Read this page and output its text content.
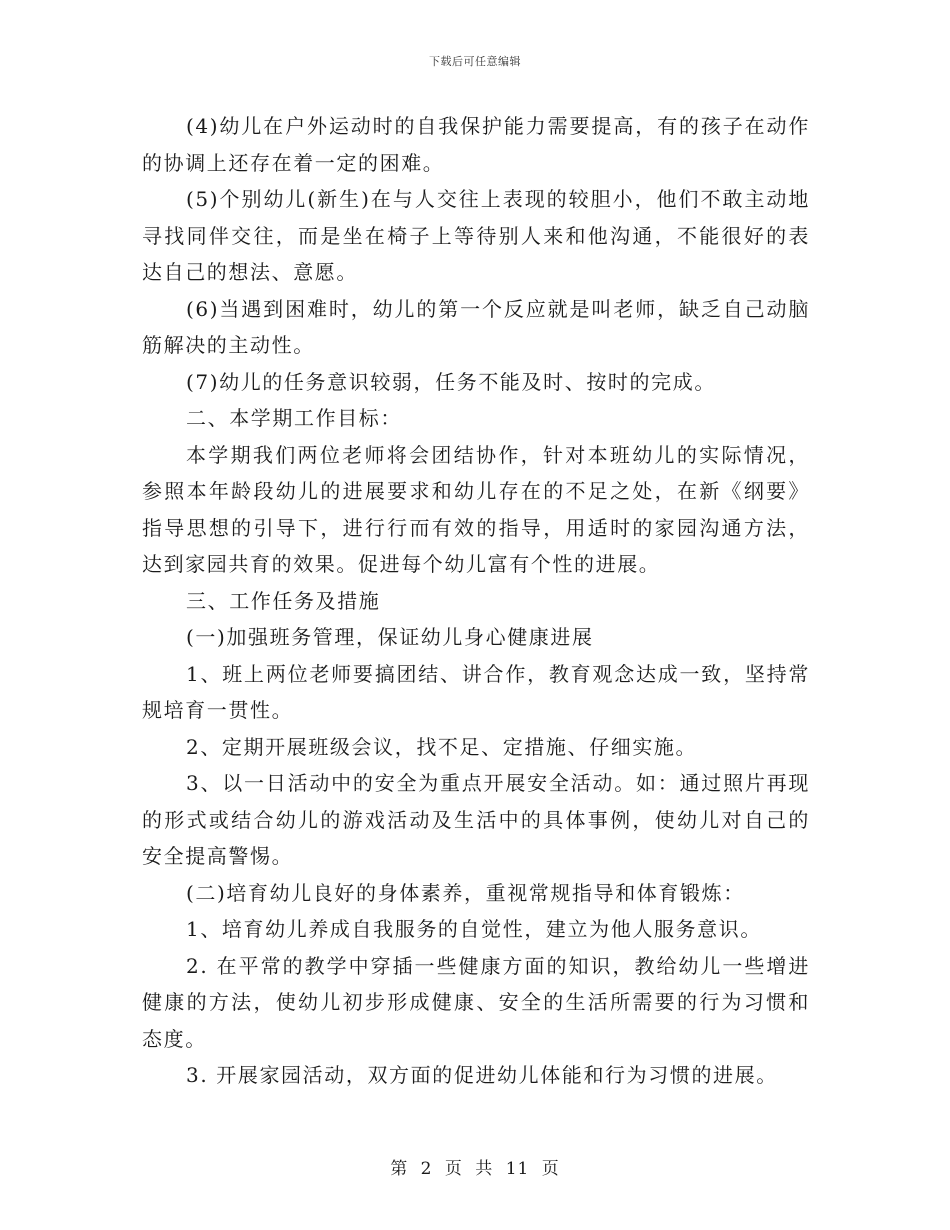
下载后可任意编辑

(4)幼儿在户外运动时的自我保护能力需要提高，有的孩子在动作的协调上还存在着一定的困难。

(5)个别幼儿(新生)在与人交往上表现的较胆小，他们不敢主动地寻找同伴交往，而是坐在椅子上等待别人来和他沟通，不能很好的表达自己的想法、意愿。

(6)当遇到困难时，幼儿的第一个反应就是叫老师，缺乏自己动脑筋解决的主动性。

(7)幼儿的任务意识较弱，任务不能及时、按时的完成。

二、本学期工作目标：

本学期我们两位老师将会团结协作，针对本班幼儿的实际情况，参照本年龄段幼儿的进展要求和幼儿存在的不足之处，在新《纲要》指导思想的引导下，进行行而有效的指导，用适时的家园沟通方法，达到家园共育的效果。促进每个幼儿富有个性的进展。

三、工作任务及措施

(一)加强班务管理，保证幼儿身心健康进展

1、班上两位老师要搞团结、讲合作，教育观念达成一致，坚持常规培育一贯性。

2、定期开展班级会议，找不足、定措施、仔细实施。

3、以一日活动中的安全为重点开展安全活动。如：通过照片再现的形式或结合幼儿的游戏活动及生活中的具体事例，使幼儿对自己的安全提高警惕。

(二)培育幼儿良好的身体素养，重视常规指导和体育锻炼：

1、培育幼儿养成自我服务的自觉性，建立为他人服务意识。

2. 在平常的教学中穿插一些健康方面的知识，教给幼儿一些增进健康的方法，使幼儿初步形成健康、安全的生活所需要的行为习惯和态度。

3. 开展家园活动，双方面的促进幼儿体能和行为习惯的进展。

第 2 页 共 11 页
